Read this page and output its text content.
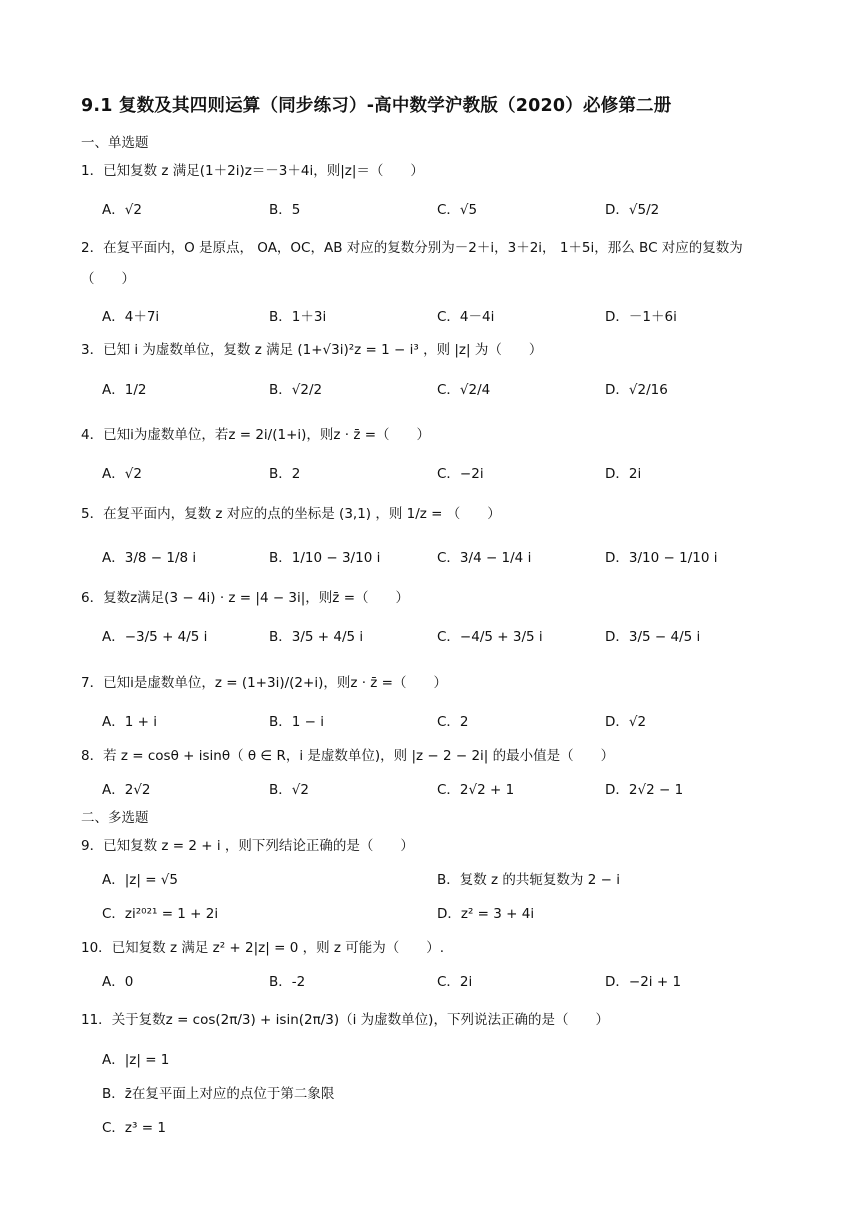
9.1 复数及其四则运算（同步练习）-高中数学沪教版（2020）必修第二册
一、单选题
1．已知复数 z 满足(1＋2i)z＝－3＋4i，则|z|＝（　　）
A．√2	B．5	C．√5	D．√5/2
2．在复平面内，O 是原点， OA，OC，AB 对应的复数分别为－2＋i，3＋2i， 1＋5i，那么 BC 对应的复数为（　　）
A．4＋7i	B．1＋3i	C．4－4i	D．－1＋6i
3．已知 i 为虚数单位，复数 z 满足 (1+√3i)²z = 1 − i³ ，则 |z| 为（　　）
A．1/2	B．√2/2	C．√2/4	D．√2/16
4．已知i为虚数单位，若z = 2i/(1+i)，则z · z̄ =（　　）
A．√2	B．2	C．−2i	D．2i
5．在复平面内，复数 z 对应的点的坐标是 (3,1) ，则 1/z = （　　）
A．3/8 − 1/8 i	B．1/10 − 3/10 i	C．3/4 − 1/4 i	D．3/10 − 1/10 i
6．复数z满足(3 − 4i) · z = |4 − 3i|，则z̄ =（　　）
A．−3/5 + 4/5 i	B．3/5 + 4/5 i	C．−4/5 + 3/5 i	D．3/5 − 4/5 i
7．已知i是虚数单位，z = (1+3i)/(2+i)，则z · z̄ =（　　）
A．1 + i	B．1 − i	C．2	D．√2
8．若 z = cosθ + isinθ（ θ ∈ R，i 是虚数单位)，则 |z − 2 − 2i| 的最小值是（　　）
A．2√2	B．√2	C．2√2 + 1	D．2√2 − 1
二、多选题
9．已知复数 z = 2 + i ，则下列结论正确的是（　　）
A．|z| = √5	B．复数 z 的共轭复数为 2 − i
C．zi²⁰²¹ = 1 + 2i	D．z² = 3 + 4i
10．已知复数 z 满足 z² + 2|z| = 0 ，则 z 可能为（　　）.
A．0	B．-2	C．2i	D．−2i + 1
11．关于复数z = cos(2π/3) + isin(2π/3)（i 为虚数单位)，下列说法正确的是（　　）
A．|z| = 1
B．z̄在复平面上对应的点位于第二象限
C．z³ = 1
